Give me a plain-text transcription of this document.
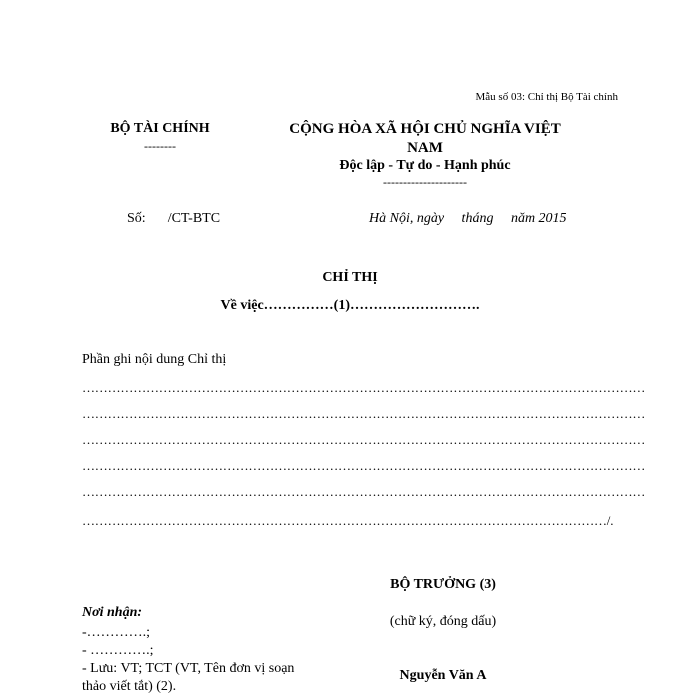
Mẫu số 03: Chỉ thị Bộ Tài chính
BỘ TÀI CHÍNH
--------
CỘNG HÒA XÃ HỘI CHỦ NGHĨA VIỆT
NAM
Độc lập - Tự do - Hạnh phúc
---------------------
Số: /CT-BTC	Hà Nội, ngày     tháng     năm 2015
CHỈ THỊ
Về việc……………(1)……………………….
Phần ghi nội dung Chỉ thị
……………………………………………………………………………………………………………………
……………………………………………………………………………………………………………………
……………………………………………………………………………………………………………………
……………………………………………………………………………………………………………………
……………………………………………………………………………………………………………………
……………………………………………………………………………………………………………/.
BỘ TRƯỞNG (3)
(chữ ký, đóng dấu)
Nguyễn Văn A
Nơi nhận:
-………….;
- ………….;
- Lưu: VT; TCT (VT, Tên đơn vị soạn
thảo viết tắt) (2).
